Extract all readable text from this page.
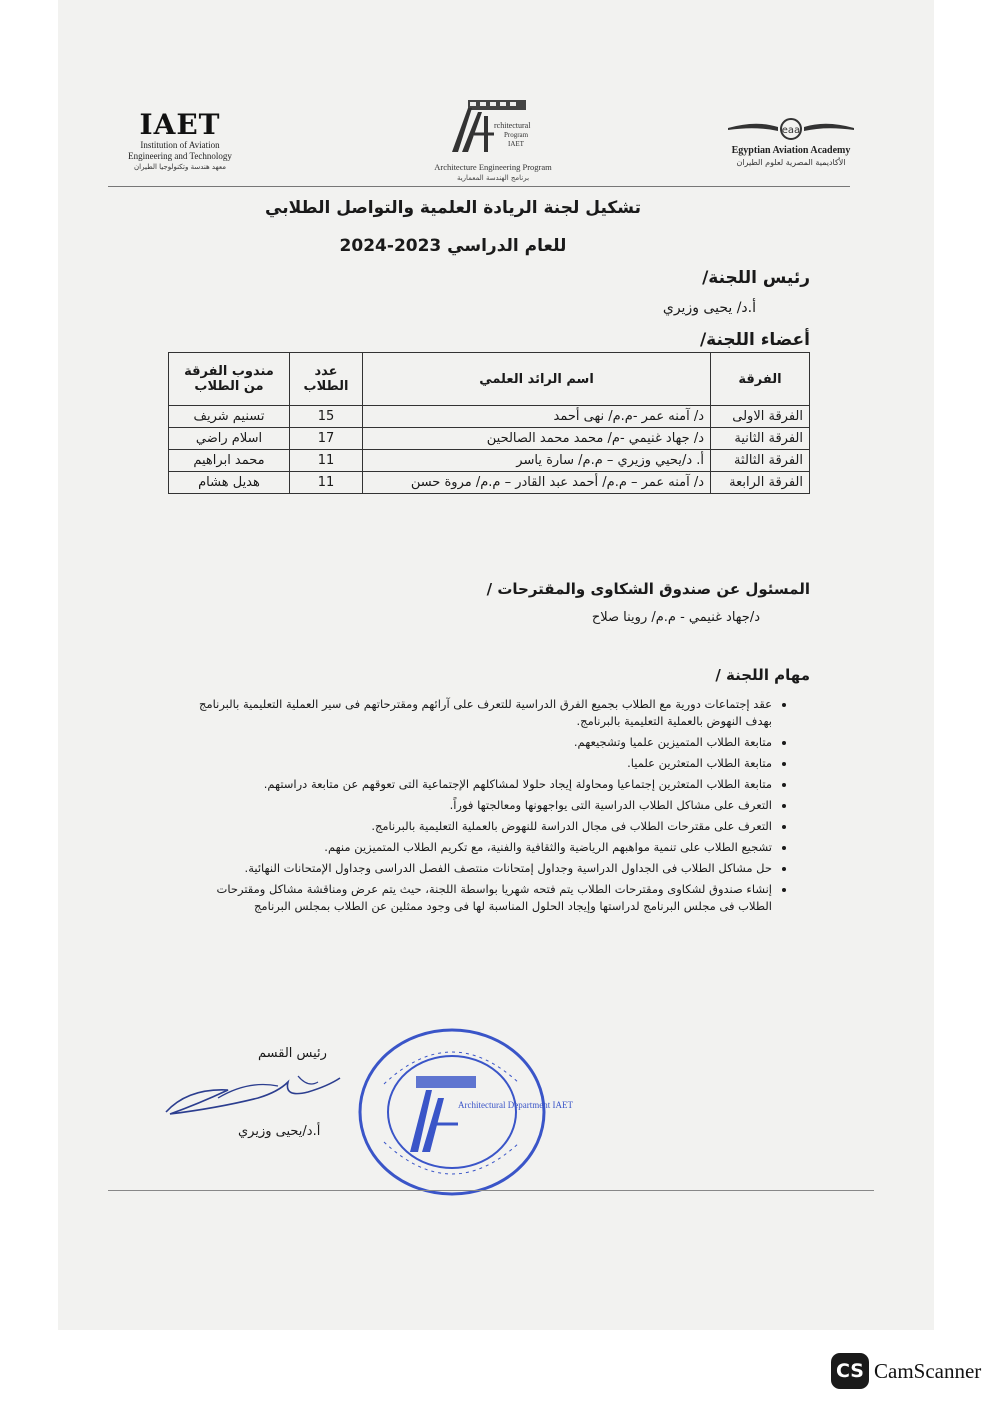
IAET
Institution of Aviation
Engineering and Technology
معهد هندسة وتكنولوجيا الطيران
rchitectural
Program
IAET
Architecture Engineering Program
برنامج الهندسة المعمارية
eaa
Egyptian Aviation Academy
الأكاديمية المصرية لعلوم الطيران
تشكيل لجنة الريادة العلمية والتواصل الطلابي
للعام الدراسي 2023-2024
رئيس اللجنة/
أ.د/ يحيى وزيري
أعضاء اللجنة/
الفرقة	اسم الرائد العلمي	عدد الطلاب	مندوب الفرقة من الطلاب
الفرقة الاولى	د/ آمنه عمر -م.م/ نهى أحمد	15	تسنيم شريف
الفرقة الثانية	د/ جهاد غنيمي -م/ محمد محمد الصالحين	17	اسلام راضي
الفرقة الثالثة	أ. د/يحيي وزيري – م.م/ سارة ياسر	11	محمد ابراهيم
الفرقة الرابعة	د/ آمنه عمر – م.م/ أحمد عبد القادر – م.م/ مروة حسن	11	هديل هشام
المسئول عن صندوق الشكاوى والمقترحات /
د/جهاد غنيمي - م.م/ روينا صلاح
مهام اللجنة /
• عقد إجتماعات دورية مع الطلاب بجميع الفرق الدراسية للتعرف على آرائهم ومقترحاتهم فى سير العملية التعليمية بالبرنامج بهدف النهوض بالعملية التعليمية بالبرنامج.
• متابعة الطلاب المتميزين علميا وتشجيعهم.
• متابعة الطلاب المتعثرين علميا.
• متابعة الطلاب المتعثرين إجتماعيا ومحاولة إيجاد حلولا لمشاكلهم الإجتماعية التى تعوقهم عن متابعة دراستهم.
• التعرف على مشاكل الطلاب الدراسية التى يواجهونها ومعالجتها فوراً.
• التعرف على مقترحات الطلاب فى مجال الدراسة للنهوض بالعملية التعليمية بالبرنامج.
• تشجيع الطلاب على تنمية مواهبهم الرياضية والثقافية والفنية، مع تكريم الطلاب المتميزين منهم.
• حل مشاكل الطلاب فى الجداول الدراسية وجداول إمتحانات منتصف الفصل الدراسى وجداول الإمتحانات النهائية.
• إنشاء صندوق لشكاوى ومقترحات الطلاب يتم فتحه شهريا بواسطة اللجنة، حيث يتم عرض ومناقشة مشاكل ومقترحات الطلاب فى مجلس البرنامج لدراستها وإيجاد الحلول المناسبة لها فى وجود ممثلين عن الطلاب بمجلس البرنامج
رئيس القسم
أ.د/يحيى وزيري
Architectural Department IAET
CS CamScanner
